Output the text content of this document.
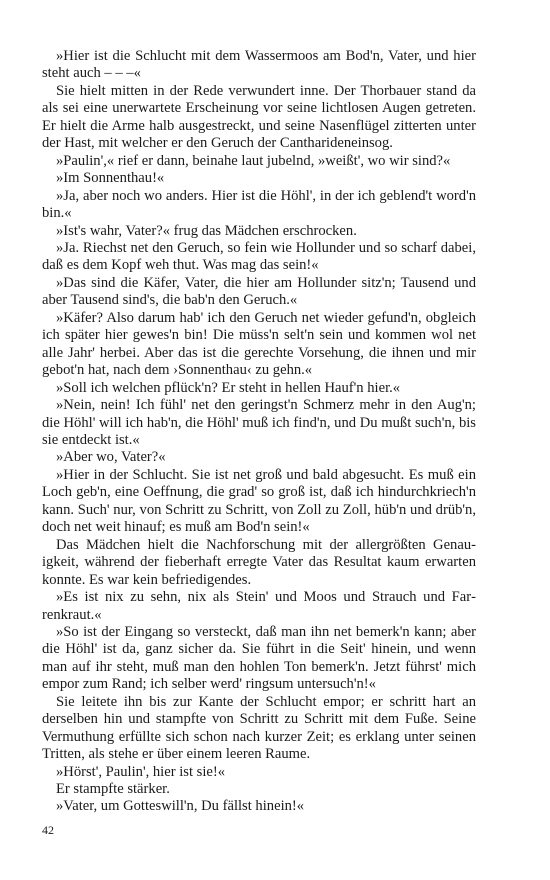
»Hier ist die Schlucht mit dem Wassermoos am Bod'n, Vater, und hier steht auch – – –«

Sie hielt mitten in der Rede verwundert inne. Der Thorbauer stand da als sei eine unerwartete Erscheinung vor seine lichtlosen Augen getreten. Er hielt die Arme halb ausgestreckt, und seine Nasenflügel zitterten unter der Hast, mit welcher er den Geruch der Cantharideneinsog.

»Paulin',« rief er dann, beinahe laut jubelnd, »weißt', wo wir sind?«

»Im Sonnenthau!«

»Ja, aber noch wo anders. Hier ist die Höhl', in der ich geblend't word'n bin.«

»Ist's wahr, Vater?« frug das Mädchen erschrocken.

»Ja. Riechst net den Geruch, so fein wie Hollunder und so scharf dabei, daß es dem Kopf weh thut. Was mag das sein!«

»Das sind die Käfer, Vater, die hier am Hollunder sitz'n; Tausend und aber Tausend sind's, die bab'n den Geruch.«

»Käfer? Also darum hab' ich den Geruch net wieder gefund'n, obgleich ich später hier gewes'n bin! Die müss'n selt'n sein und kommen wol net alle Jahr' herbei. Aber das ist die gerechte Vorsehung, die ihnen und mir gebot'n hat, nach dem ›Sonnenthau‹ zu gehn.«

»Soll ich welchen pflück'n? Er steht in hellen Hauf'n hier.«

»Nein, nein! Ich fühl' net den geringst'n Schmerz mehr in den Aug'n; die Höhl' will ich hab'n, die Höhl' muß ich find'n, und Du mußt such'n, bis sie entdeckt ist.«

»Aber wo, Vater?«

»Hier in der Schlucht. Sie ist net groß und bald abgesucht. Es muß ein Loch geb'n, eine Oeffnung, die grad' so groß ist, daß ich hindurchkriech'n kann. Such' nur, von Schritt zu Schritt, von Zoll zu Zoll, hüb'n und drüb'n, doch net weit hinauf; es muß am Bod'n sein!«

Das Mädchen hielt die Nachforschung mit der allergrößten Genauigkeit, während der fieberhaft erregte Vater das Resultat kaum erwarten konnte. Es war kein befriedigendes.

»Es ist nix zu sehn, nix als Stein' und Moos und Strauch und Farrenkraut.«

»So ist der Eingang so versteckt, daß man ihn net bemerk'n kann; aber die Höhl' ist da, ganz sicher da. Sie führt in die Seit' hinein, und wenn man auf ihr steht, muß man den hohlen Ton bemerk'n. Jetzt führst' mich empor zum Rand; ich selber werd' ringsum untersuch'n!«

Sie leitete ihn bis zur Kante der Schlucht empor; er schritt hart an derselben hin und stampfte von Schritt zu Schritt mit dem Fuße. Seine Vermuthung erfüllte sich schon nach kurzer Zeit; es erklang unter seinen Tritten, als stehe er über einem leeren Raume.

»Hörst', Paulin', hier ist sie!«

Er stampfte stärker.

»Vater, um Gotteswill'n, Du fällst hinein!«

42
